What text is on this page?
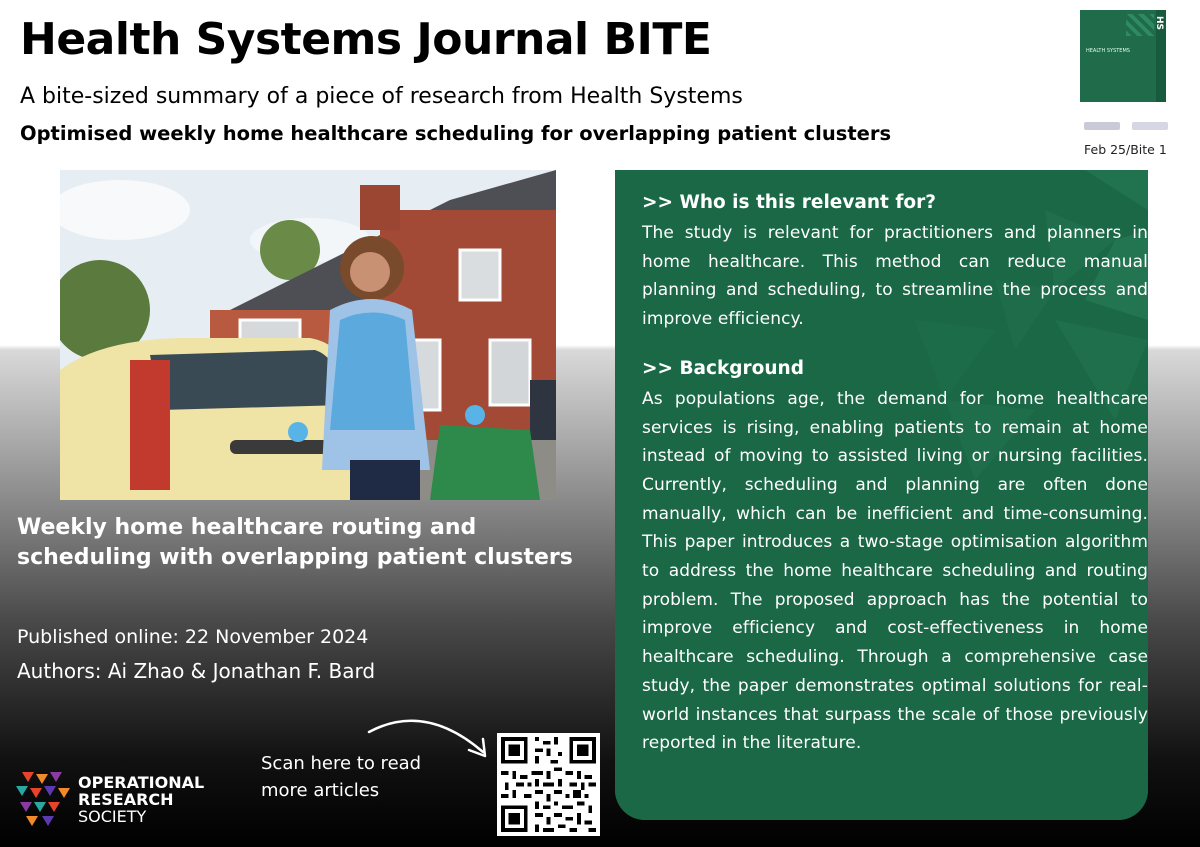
Health Systems Journal BITE
A bite-sized summary of a piece of research from Health Systems
Optimised weekly home healthcare scheduling for overlapping patient clusters
HEALTH SYSTEMS
HS
Feb 25/Bite 1
Weekly home healthcare routing and scheduling with overlapping patient clusters
Published online: 22 November 2024
Authors: Ai Zhao & Jonathan F. Bard
OPERATIONAL
RESEARCH
SOCIETY
Scan here to read more articles
>> Who is this relevant for?
The study is relevant for practitioners and planners in home healthcare. This method can reduce manual planning and scheduling, to streamline the process and improve efficiency.
>> Background
As populations age, the demand for home healthcare services is rising, enabling patients to remain at home instead of moving to assisted living or nursing facilities. Currently, scheduling and planning are often done manually, which can be inefficient and time-consuming. This paper introduces a two-stage optimisation algorithm to address the home healthcare scheduling and routing problem. The proposed approach has the potential to improve efficiency and cost-effectiveness in home healthcare scheduling. Through a comprehensive case study, the paper demonstrates optimal solutions for real-world instances that surpass the scale of those previously reported in the literature.
